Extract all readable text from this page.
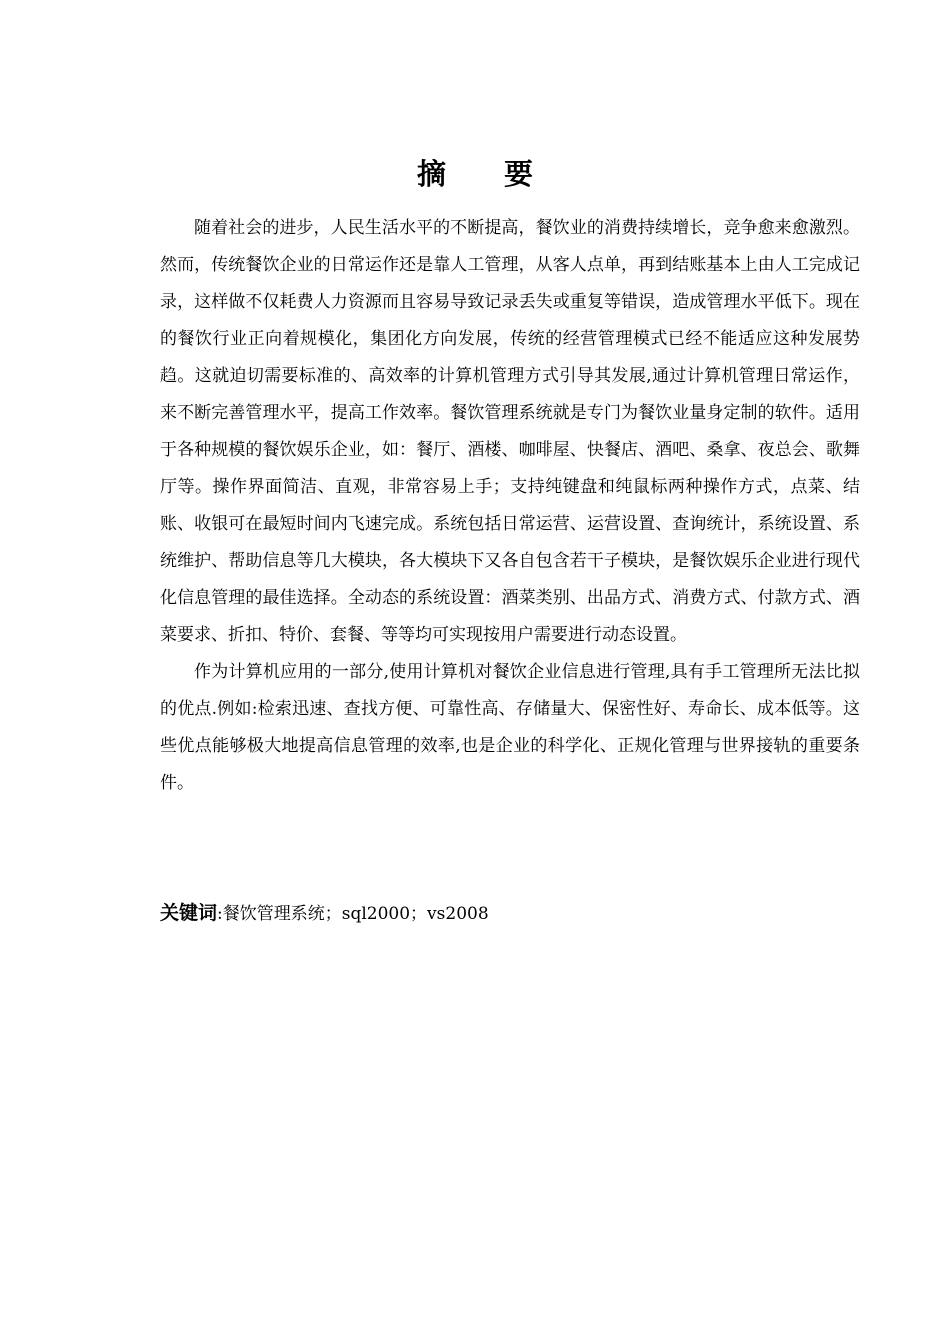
摘 要

随着社会的进步，人民生活水平的不断提高，餐饮业的消费持续增长，竞争愈来愈激烈。然而，传统餐饮企业的日常运作还是靠人工管理，从客人点单，再到结账基本上由人工完成记录，这样做不仅耗费人力资源而且容易导致记录丢失或重复等错误，造成管理水平低下。现在的餐饮行业正向着规模化，集团化方向发展，传统的经营管理模式已经不能适应这种发展势趋。这就迫切需要标准的、高效率的计算机管理方式引导其发展,通过计算机管理日常运作，来不断完善管理水平，提高工作效率。餐饮管理系统就是专门为餐饮业量身定制的软件。适用于各种规模的餐饮娱乐企业，如：餐厅、酒楼、咖啡屋、快餐店、酒吧、桑拿、夜总会、歌舞厅等。操作界面简洁、直观，非常容易上手；支持纯键盘和纯鼠标两种操作方式，点菜、结账、收银可在最短时间内飞速完成。系统包括日常运营、运营设置、查询统计，系统设置、系统维护、帮助信息等几大模块，各大模块下又各自包含若干子模块，是餐饮娱乐企业进行现代化信息管理的最佳选择。全动态的系统设置：酒菜类别、出品方式、消费方式、付款方式、酒菜要求、折扣、特价、套餐、等等均可实现按用户需要进行动态设置。

作为计算机应用的一部分,使用计算机对餐饮企业信息进行管理,具有手工管理所无法比拟的优点.例如:检索迅速、查找方便、可靠性高、存储量大、保密性好、寿命长、成本低等。这些优点能够极大地提高信息管理的效率,也是企业的科学化、正规化管理与世界接轨的重要条件。

关键词:餐饮管理系统；sql2000；vs2008
